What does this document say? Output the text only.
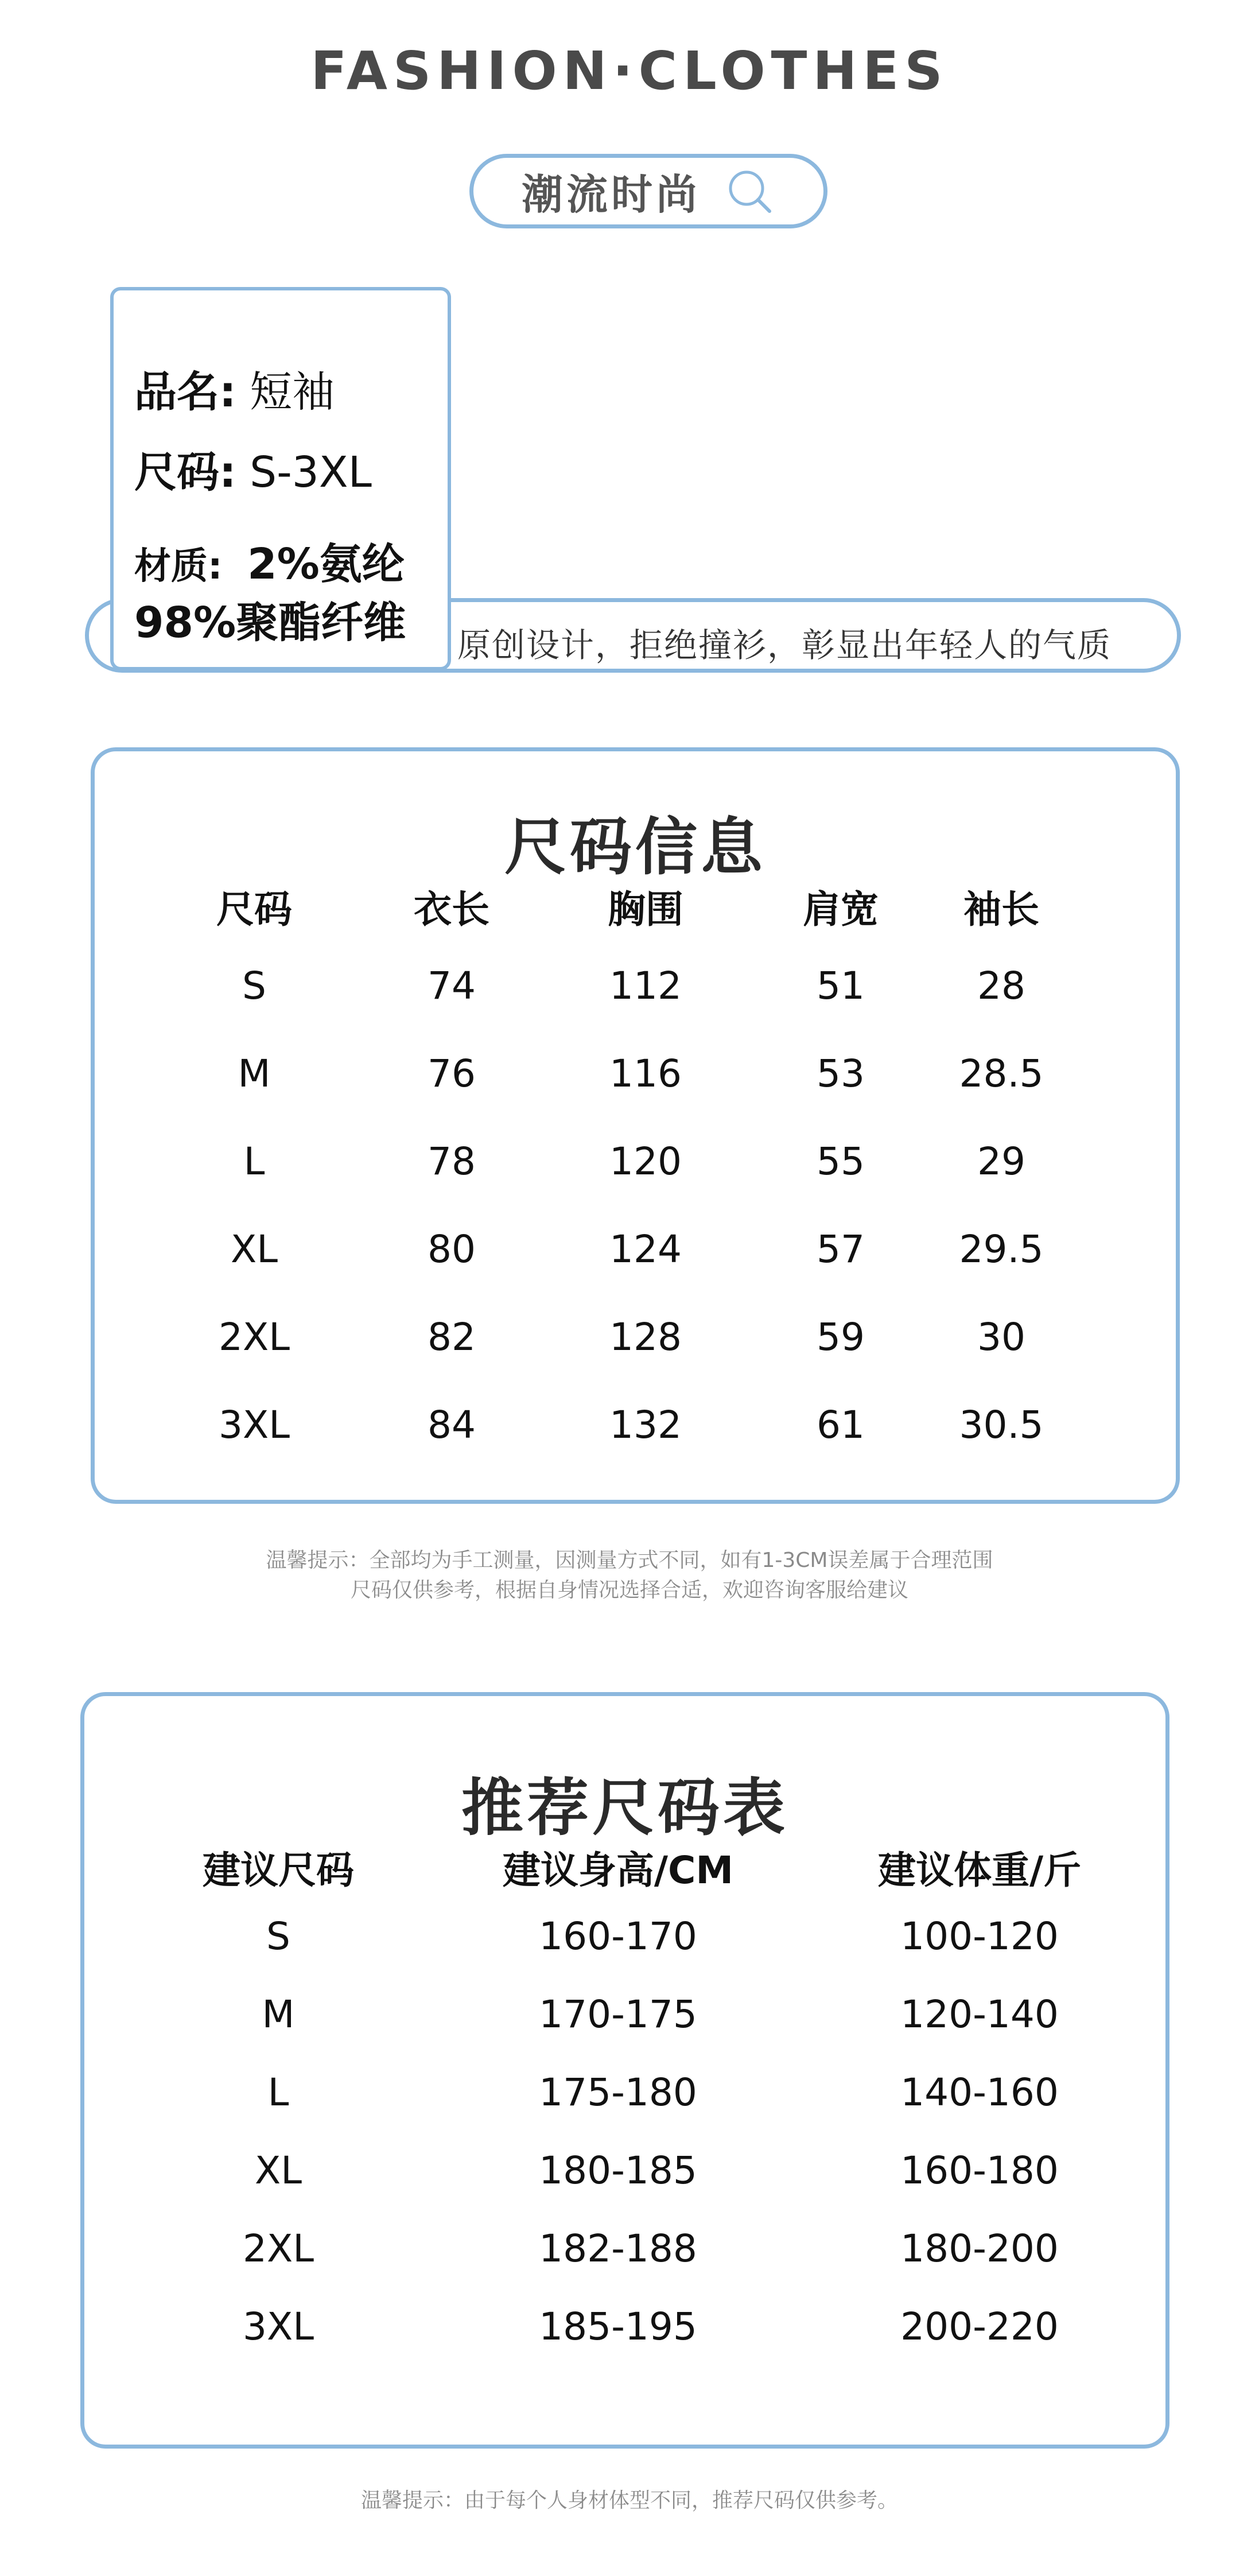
FASHION·CLOTHES
潮流时尚
原创设计，拒绝撞衫，彰显出年轻人的气质
品名: 短袖
尺码: S-3XL
材质: 2%氨纶
98%聚酯纤维
尺码信息
尺码	衣长	胸围	肩宽 袖长
S	74	112	51	28
M	76	116	53 28.5
L	78	120	55	29
XL	80	124	57 29.5
2XL	82	128	59	30
3XL	84	132	61 30.5
温馨提示：全部均为手工测量，因测量方式不同，如有1-3CM误差属于合理范围
尺码仅供参考，根据自身情况选择合适，欢迎咨询客服给建议
推荐尺码表
建议尺码	建议身高/CM	建议体重/斤
S	160-170	100-120
M	170-175	120-140
L	175-180	140-160
XL	180-185	160-180
2XL	182-188	180-200
3XL	185-195	200-220
温馨提示：由于每个人身材体型不同，推荐尺码仅供参考。
